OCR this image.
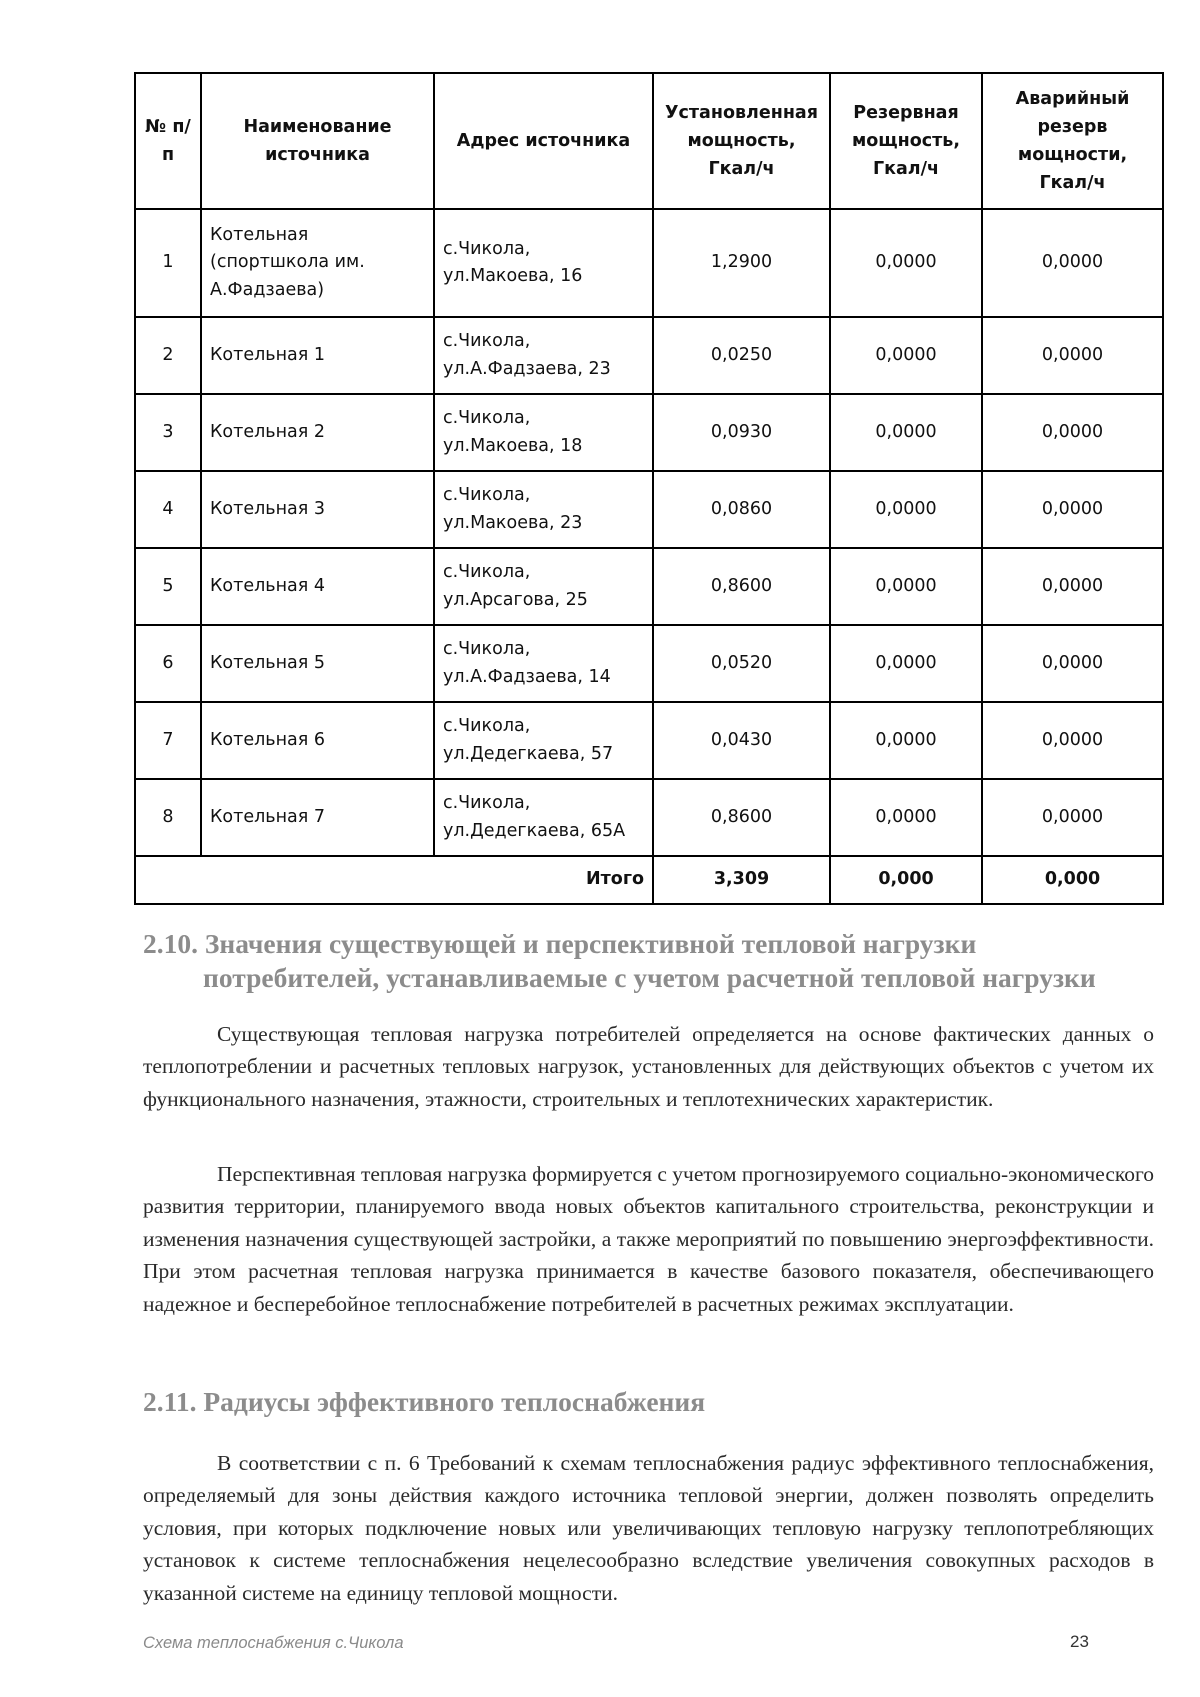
№ п/п	Наименование источника	Адрес источника	Установленная мощность, Гкал/ч	Резервная мощность, Гкал/ч	Аварийный резерв мощности, Гкал/ч
1	Котельная (спортшкола им. А.Фадзаева)	с.Чикола, ул.Макоева, 16	1,2900	0,0000	0,0000
2	Котельная 1	с.Чикола, ул.А.Фадзаева, 23	0,0250	0,0000	0,0000
3	Котельная 2	с.Чикола, ул.Макоева, 18	0,0930	0,0000	0,0000
4	Котельная 3	с.Чикола, ул.Макоева, 23	0,0860	0,0000	0,0000
5	Котельная 4	с.Чикола, ул.Арсагова, 25	0,8600	0,0000	0,0000
6	Котельная 5	с.Чикола, ул.А.Фадзаева, 14	0,0520	0,0000	0,0000
7	Котельная 6	с.Чикола, ул.Дедегкаева, 57	0,0430	0,0000	0,0000
8	Котельная 7	с.Чикола, ул.Дедегкаева, 65А	0,8600	0,0000	0,0000
Итого			3,309	0,000	0,000
2.10. Значения существующей и перспективной тепловой нагрузки
потребителей, устанавливаемые с учетом расчетной тепловой нагрузки

Существующая тепловая нагрузка потребителей определяется на основе фактических данных о теплопотреблении и расчетных тепловых нагрузок, установленных для действующих объектов с учетом их функционального назначения, этажности, строительных и теплотехнических характеристик.

Перспективная тепловая нагрузка формируется с учетом прогнозируемого социально-экономического развития территории, планируемого ввода новых объектов капитального строительства, реконструкции и изменения назначения существующей застройки, а также мероприятий по повышению энергоэффективности. При этом расчетная тепловая нагрузка принимается в качестве базового показателя, обеспечивающего надежное и бесперебойное теплоснабжение потребителей в расчетных режимах эксплуатации.

2.11. Радиусы эффективного теплоснабжения

В соответствии с п. 6 Требований к схемам теплоснабжения радиус эффективного теплоснабжения, определяемый для зоны действия каждого источника тепловой энергии, должен позволять определить условия, при которых подключение новых или увеличивающих тепловую нагрузку теплопотребляющих установок к системе теплоснабжения нецелесообразно вследствие увеличения совокупных расходов в указанной системе на единицу тепловой мощности.

Схема теплоснабжения с.Чикола	23
